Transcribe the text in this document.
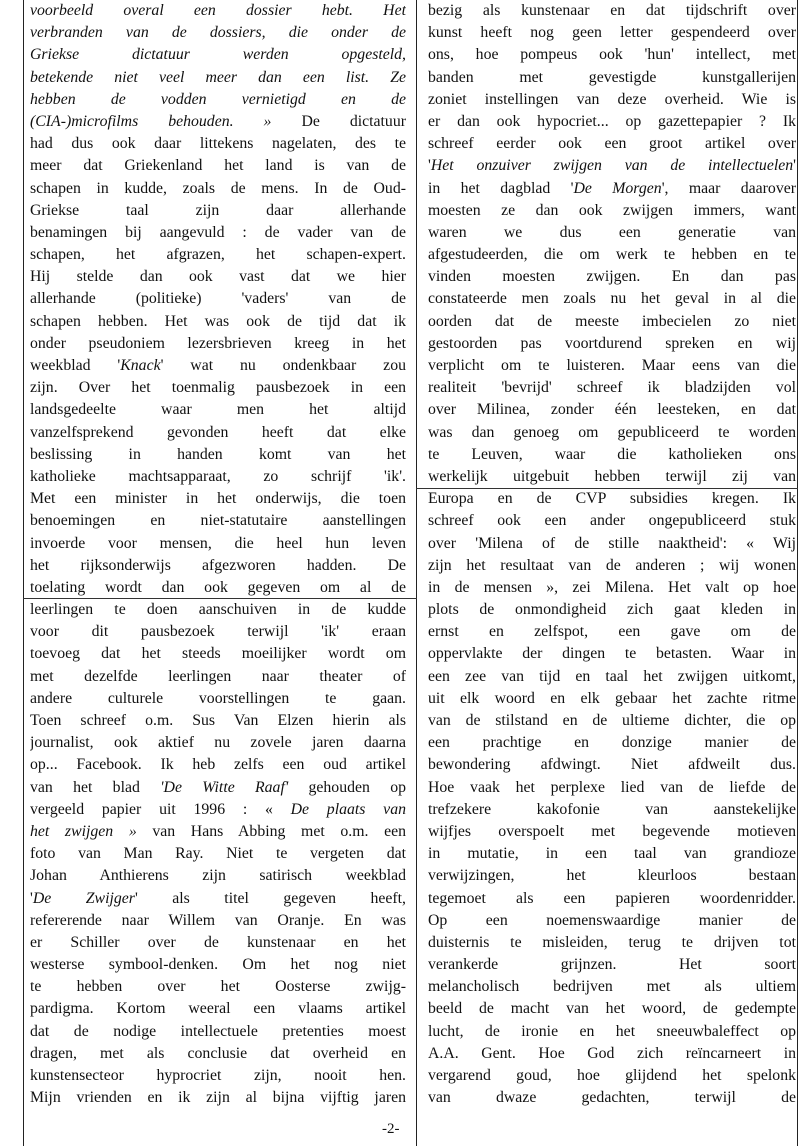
voorbeeld overal een dossier hebt. Het
verbranden van de dossiers, die onder de
Griekse dictatuur werden opgesteld,
betekende niet veel meer dan een list. Ze
hebben de vodden vernietigd en de
(CIA-)microfilms behouden. » De dictatuur
had dus ook daar littekens nagelaten, des te
meer dat Griekenland het land is van de
schapen in kudde, zoals de mens. In de Oud-
Griekse taal zijn daar allerhande
benamingen bij aangevuld : de vader van de
schapen, het afgrazen, het schapen-expert.
Hij stelde dan ook vast dat we hier
allerhande (politieke) 'vaders' van de
schapen hebben. Het was ook de tijd dat ik
onder pseudoniem lezersbrieven kreeg in het
weekblad 'Knack' wat nu ondenkbaar zou
zijn. Over het toenmalig pausbezoek in een
landsgedeelte waar men het altijd
vanzelfsprekend gevonden heeft dat elke
beslissing in handen komt van het
katholieke machtsapparaat, zo schrijf 'ik'.
Met een minister in het onderwijs, die toen
benoemingen en niet-statutaire aanstellingen
invoerde voor mensen, die heel hun leven
het rijksonderwijs afgezworen hadden. De
toelating wordt dan ook gegeven om al de
leerlingen te doen aanschuiven in de kudde
voor dit pausbezoek terwijl 'ik' eraan
toevoeg dat het steeds moeilijker wordt om
met dezelfde leerlingen naar theater of
andere culturele voorstellingen te gaan.
Toen schreef o.m. Sus Van Elzen hierin als
journalist, ook aktief nu zovele jaren daarna
op... Facebook. Ik heb zelfs een oud artikel
van het blad 'De Witte Raaf' gehouden op
vergeeld papier uit 1996 : « De plaats van
het zwijgen » van Hans Abbing met o.m. een
foto van Man Ray. Niet te vergeten dat
Johan Anthierens zijn satirisch weekblad
'De Zwijger' als titel gegeven heeft,
refererende naar Willem van Oranje. En was
er Schiller over de kunstenaar en het
westerse symbool-denken. Om het nog niet
te hebben over het Oosterse zwijg-
pardigma. Kortom weeral een vlaams artikel
dat de nodige intellectuele pretenties moest
dragen, met als conclusie dat overheid en
kunstensecteor hyprocriet zijn, nooit hen.
Mijn vrienden en ik zijn al bijna vijftig jaren
bezig als kunstenaar en dat tijdschrift over
kunst heeft nog geen letter gespendeerd over
ons, hoe pompeus ook 'hun' intellect, met
banden met gevestigde kunstgallerijen
zoniet instellingen van deze overheid. Wie is
er dan ook hypocriet... op gazettepapier ? Ik
schreef eerder ook een groot artikel over
'Het onzuiver zwijgen van de intellectuelen'
in het dagblad 'De Morgen', maar daarover
moesten ze dan ook zwijgen immers, want
waren we dus een generatie van
afgestudeerden, die om werk te hebben en te
vinden moesten zwijgen. En dan pas
constateerde men zoals nu het geval in al die
oorden dat de meeste imbecielen zo niet
gestoorden pas voortdurend spreken en wij
verplicht om te luisteren. Maar eens van die
realiteit 'bevrijd' schreef ik bladzijden vol
over Milinea, zonder één leesteken, en dat
was dan genoeg om gepubliceerd te worden
te Leuven, waar die katholieken ons
werkelijk uitgebuit hebben terwijl zij van
Europa en de CVP subsidies kregen. Ik
schreef ook een ander ongepubliceerd stuk
over 'Milena of de stille naaktheid': « Wij
zijn het resultaat van de anderen ; wij wonen
in de mensen », zei Milena. Het valt op hoe
plots de onmondigheid zich gaat kleden in
ernst en zelfspot, een gave om de
oppervlakte der dingen te betasten. Waar in
een zee van tijd en taal het zwijgen uitkomt,
uit elk woord en elk gebaar het zachte ritme
van de stilstand en de ultieme dichter, die op
een prachtige en donzige manier de
bewondering afdwingt. Niet afdweilt dus.
Hoe vaak het perplexe lied van de liefde de
trefzekere kakofonie van aanstekelijke
wijfjes overspoelt met begevende motieven
in mutatie, in een taal van grandioze
verwijzingen, het kleurloos bestaan
tegemoet als een papieren woordenridder.
Op een noemenswaardige manier de
duisternis te misleiden, terug te drijven tot
verankerde grijnzen. Het soort
melancholisch bedrijven met als ultiem
beeld de macht van het woord, de gedempte
lucht, de ironie en het sneeuwbaleffect op
A.A. Gent. Hoe God zich reïncarneert in
vergarend goud, hoe glijdend het spelonk
van dwaze gedachten, terwijl de
-2-
